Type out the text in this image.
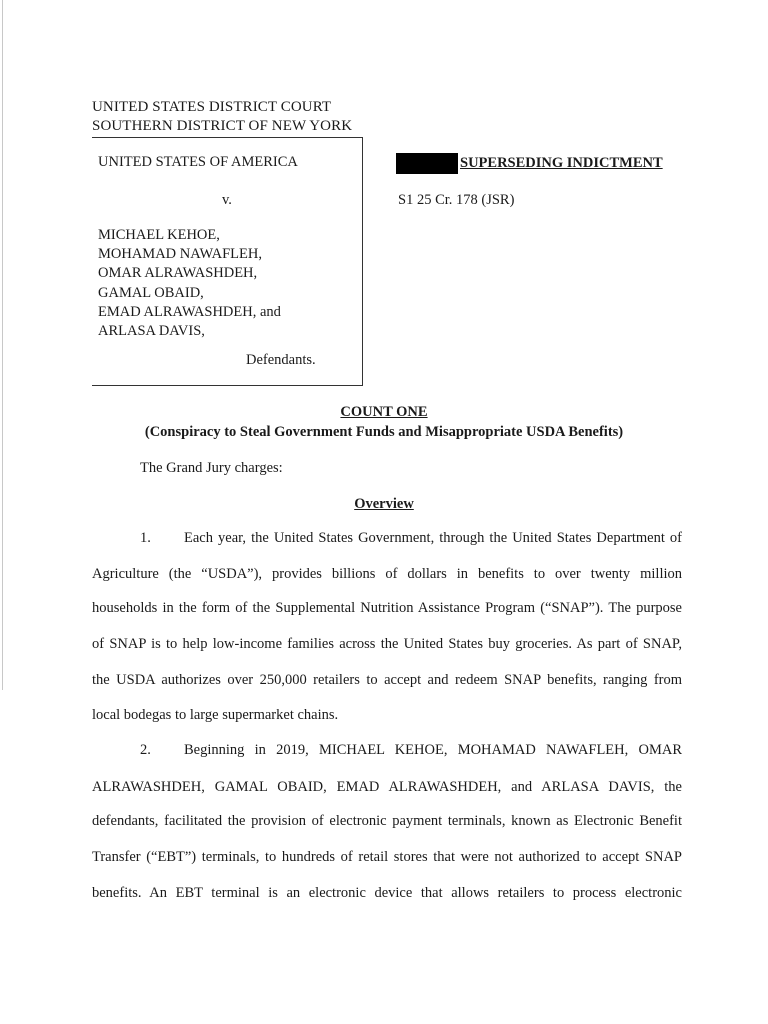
UNITED STATES DISTRICT COURT
SOUTHERN DISTRICT OF NEW YORK
UNITED STATES OF AMERICA
v.
MICHAEL KEHOE,
MOHAMAD NAWAFLEH,
OMAR ALRAWASHDEH,
GAMAL OBAID,
EMAD ALRAWASHDEH, and
ARLASA DAVIS,
Defendants.
SUPERSEDING INDICTMENT
S1 25 Cr. 178 (JSR)
COUNT ONE
(Conspiracy to Steal Government Funds and Misappropriate USDA Benefits)
The Grand Jury charges:
Overview
1. Each year, the United States Government, through the United States Department of
Agriculture (the “USDA”), provides billions of dollars in benefits to over twenty million
households in the form of the Supplemental Nutrition Assistance Program (“SNAP”). The purpose
of SNAP is to help low-income families across the United States buy groceries. As part of SNAP,
the USDA authorizes over 250,000 retailers to accept and redeem SNAP benefits, ranging from
local bodegas to large supermarket chains.
2. Beginning in 2019, MICHAEL KEHOE, MOHAMAD NAWAFLEH, OMAR
ALRAWASHDEH, GAMAL OBAID, EMAD ALRAWASHDEH, and ARLASA DAVIS, the
defendants, facilitated the provision of electronic payment terminals, known as Electronic Benefit
Transfer (“EBT”) terminals, to hundreds of retail stores that were not authorized to accept SNAP
benefits. An EBT terminal is an electronic device that allows retailers to process electronic
